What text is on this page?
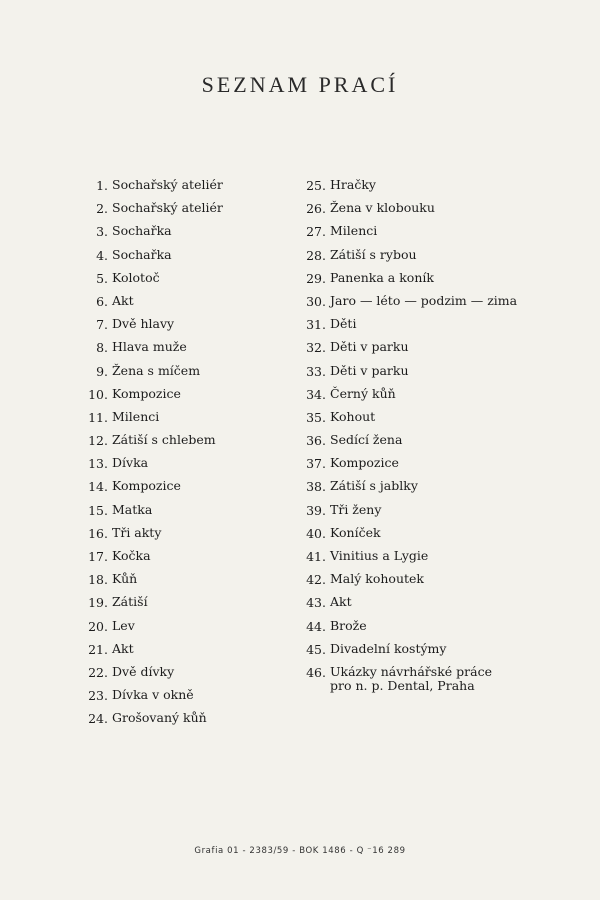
SEZNAM PRACÍ
1. Sochařský ateliér
2. Sochařský ateliér
3. Sochařka
4. Sochařka
5. Kolotoč
6. Akt
7. Dvě hlavy
8. Hlava muže
9. Žena s míčem
10. Kompozice
11. Milenci
12. Zátiší s chlebem
13. Dívka
14. Kompozice
15. Matka
16. Tři akty
17. Kočka
18. Kůň
19. Zátiší
20. Lev
21. Akt
22. Dvě dívky
23. Dívka v okně
24. Grošovaný kůň
25. Hračky
26. Žena v klobouku
27. Milenci
28. Zátiší s rybou
29. Panenka a koník
30. Jaro — léto — podzim — zima
31. Děti
32. Děti v parku
33. Děti v parku
34. Černý kůň
35. Kohout
36. Sedící žena
37. Kompozice
38. Zátiší s jablky
39. Tři ženy
40. Koníček
41. Vinitius a Lygie
42. Malý kohoutek
43. Akt
44. Brože
45. Divadelní kostýmy
46. Ukázky návrhářské práce
pro n. p. Dental, Praha
Grafia 01 - 2383/59 - BOK 1486 - Q ⁻16 289
